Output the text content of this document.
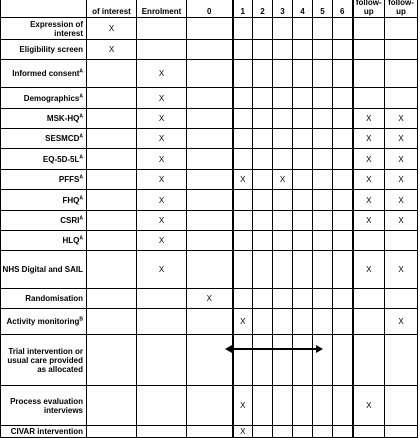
	of interest	Enrolment	0	1	2	3	4	5	6	follow-up	follow-up
Expression of interest	X										
Eligibility screen	X										
Informed consent$^A$		X									
Demographics$^A$		X									
MSK-$HQ^A$		X								X	X
$SESMCD^A$		X								X	X
$EQ-5D-5L^A$		X								X	X
$PFFS^A$		X		X		X				X	X
$FHQ^A$		X								X	X
$CSRI^A$		X								X	X
$HLQ^A$		X									
NHS Digital and SAIL		X								X	X
Randomisation			X								
Activity monitoring$^B$				X							X
Trial intervention or usual care provided as allocated											
Process evaluation interviews				X						X	
CIVAR intervention				X							
